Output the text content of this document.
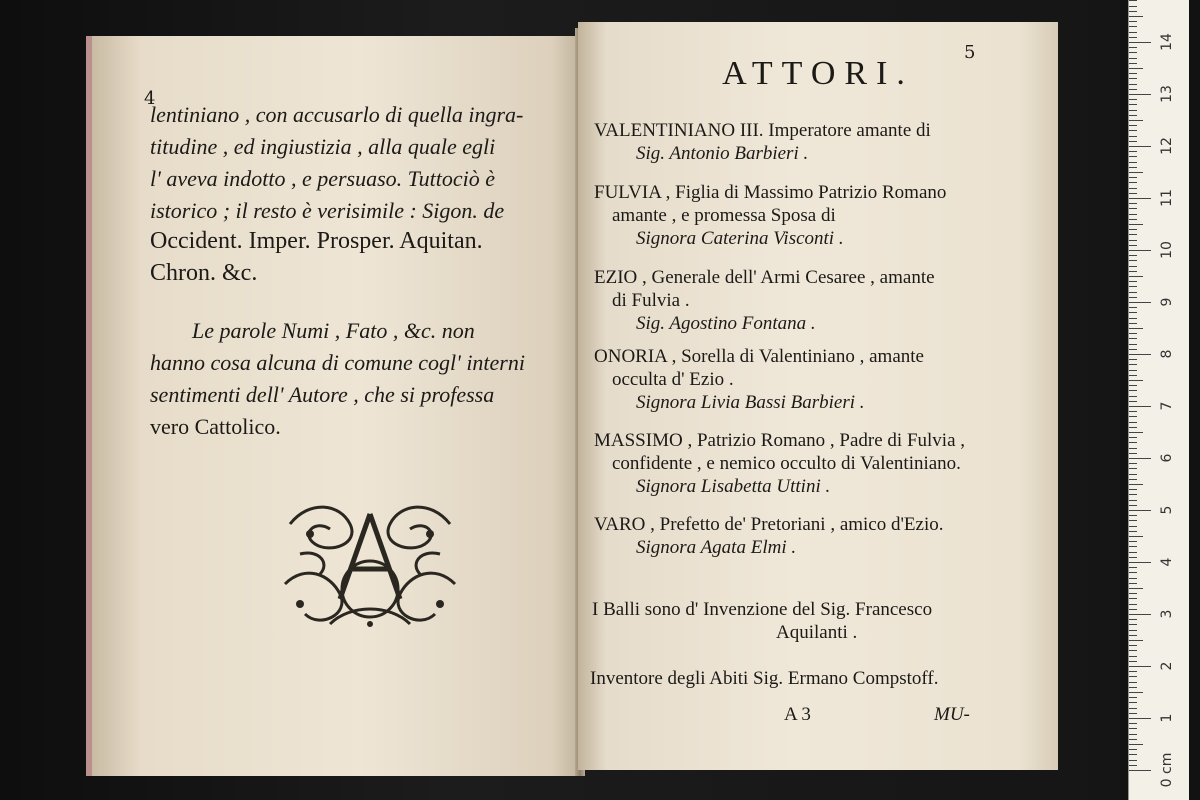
4
lentiniano , con accusarlo di quella ingra-
titudine , ed ingiustizia , alla quale egli
l' aveva indotto , e persuaso. Tuttociò è
istorico ; il resto è verisimile : Sigon. de
Occident. Imper. Prosper. Aquitan.
Chron. &c.
Le parole Numi , Fato , &c. non
hanno cosa alcuna di comune cogl' interni
sentimenti dell' Autore , che si professa
vero Cattolico.
5
ATTORI.
VALENTINIANO III. Imperatore amante di
Sig. Antonio Barbieri .
FULVIA , Figlia di Massimo Patrizio Romano
amante , e promessa Sposa di
Signora Caterina Visconti .
EZIO , Generale dell' Armi Cesaree , amante
di Fulvia .
Sig. Agostino Fontana .
ONORIA , Sorella di Valentiniano , amante
occulta d' Ezio .
Signora Livia Bassi Barbieri .
MASSIMO , Patrizio Romano , Padre di Fulvia ,
confidente , e nemico occulto di Valentiniano.
Signora Lisabetta Uttini .
VARO , Prefetto de' Pretoriani , amico d'Ezio.
Signora Agata Elmi .
I Balli sono d' Invenzione del Sig. Francesco
Aquilanti .
Inventore degli Abiti Sig. Ermano Compstoff.
A 3	MU-
0 cm
1
2
3
4
5
6
7
8
9
10
11
12
13
14
